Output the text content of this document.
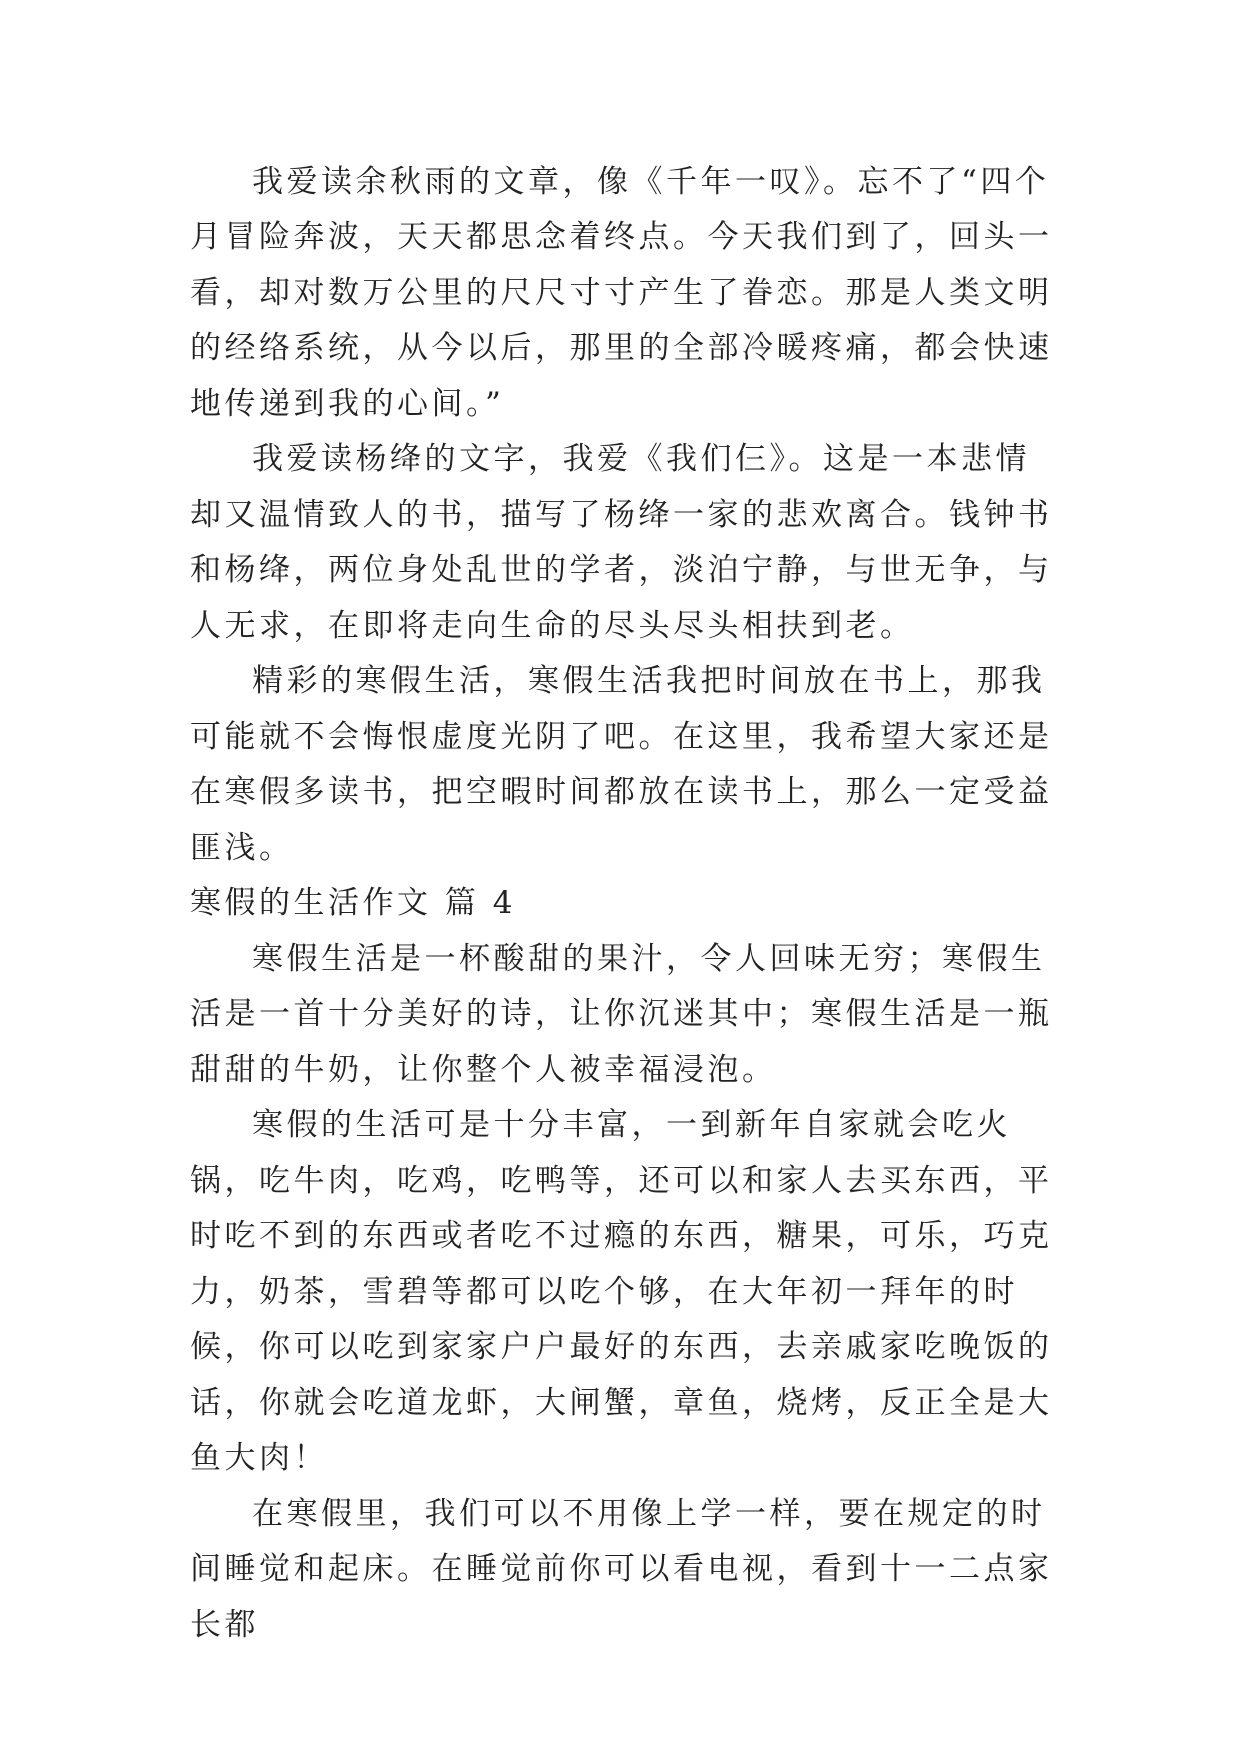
我爱读余秋雨的文章，像《千年一叹》。忘不了“四个月冒险奔波，天天都思念着终点。今天我们到了，回头一看，却对数万公里的尺尺寸寸产生了眷恋。那是人类文明的经络系统，从今以后，那里的全部冷暖疼痛，都会快速地传递到我的心间。”

我爱读杨绛的文字，我爱《我们仨》。这是一本悲情却又温情致人的书，描写了杨绛一家的悲欢离合。钱钟书和杨绛，两位身处乱世的学者，淡泊宁静，与世无争，与人无求，在即将走向生命的尽头尽头相扶到老。

精彩的寒假生活，寒假生活我把时间放在书上，那我可能就不会悔恨虚度光阴了吧。在这里，我希望大家还是在寒假多读书，把空暇时间都放在读书上，那么一定受益匪浅。

寒假的生活作文 篇 4

寒假生活是一杯酸甜的果汁，令人回味无穷；寒假生活是一首十分美好的诗，让你沉迷其中；寒假生活是一瓶甜甜的牛奶，让你整个人被幸福浸泡。

寒假的生活可是十分丰富，一到新年自家就会吃火锅，吃牛肉，吃鸡，吃鸭等，还可以和家人去买东西，平时吃不到的东西或者吃不过瘾的东西，糖果，可乐，巧克力，奶茶，雪碧等都可以吃个够，在大年初一拜年的时候，你可以吃到家家户户最好的东西，去亲戚家吃晚饭的话，你就会吃道龙虾，大闸蟹，章鱼，烧烤，反正全是大鱼大肉！

在寒假里，我们可以不用像上学一样，要在规定的时间睡觉和起床。在睡觉前你可以看电视，看到十一二点家长都
